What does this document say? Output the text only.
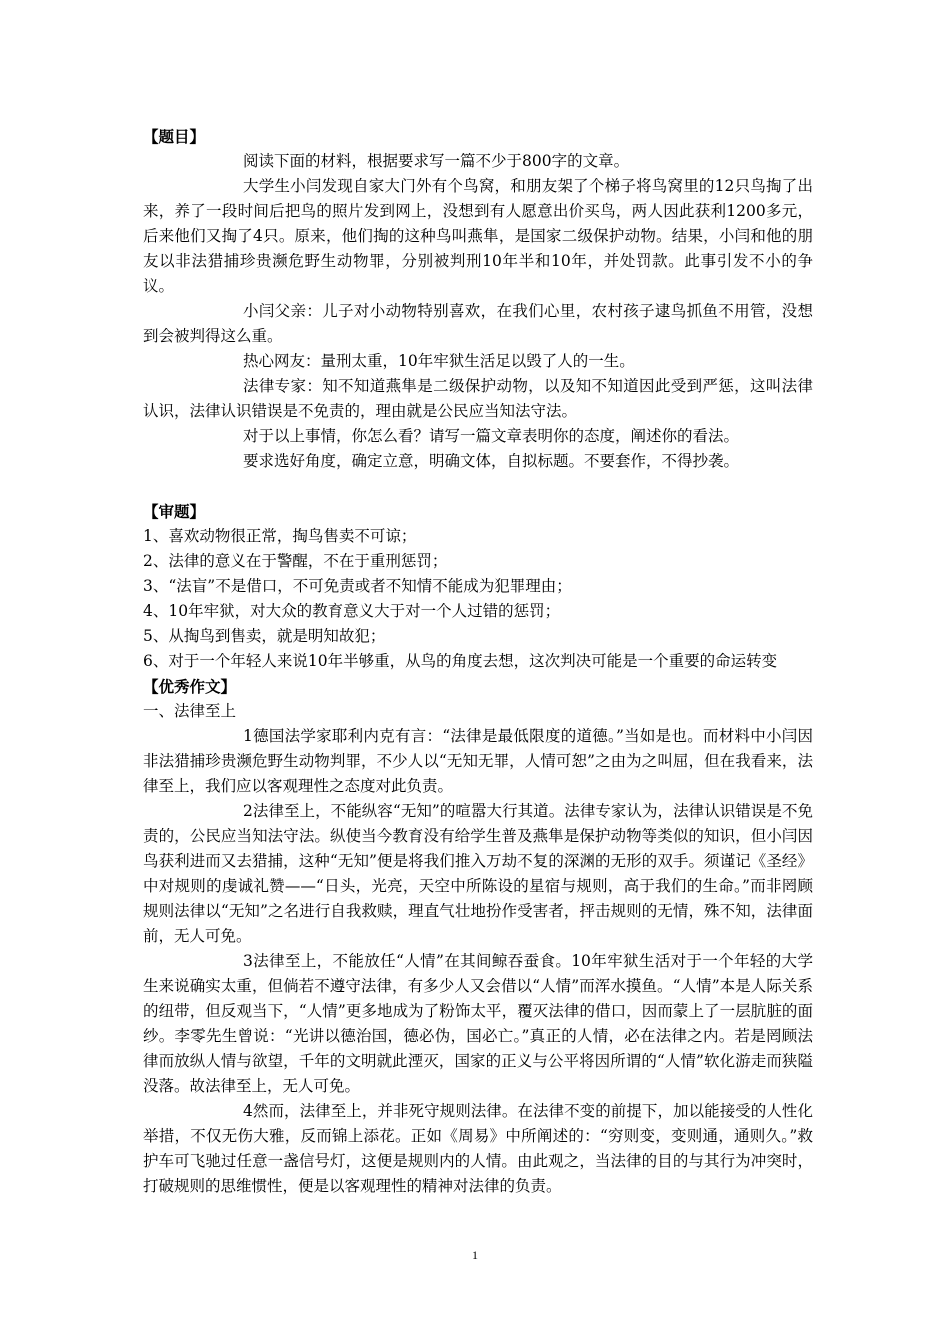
【题目】

阅读下面的材料，根据要求写一篇不少于800字的文章。

大学生小闫发现自家大门外有个鸟窝，和朋友架了个梯子将鸟窝里的12只鸟掏了出来，养了一段时间后把鸟的照片发到网上，没想到有人愿意出价买鸟，两人因此获利1200多元，后来他们又掏了4只。原来，他们掏的这种鸟叫燕隼，是国家二级保护动物。结果，小闫和他的朋友以非法猎捕珍贵濒危野生动物罪，分别被判刑10年半和10年，并处罚款。此事引发不小的争议。

小闫父亲：儿子对小动物特别喜欢，在我们心里，农村孩子逮鸟抓鱼不用管，没想到会被判得这么重。

热心网友：量刑太重，10年牢狱生活足以毁了人的一生。

法律专家：知不知道燕隼是二级保护动物，以及知不知道因此受到严惩，这叫法律认识，法律认识错误是不免责的，理由就是公民应当知法守法。

对于以上事情，你怎么看？请写一篇文章表明你的态度，阐述你的看法。

要求选好角度，确定立意，明确文体，自拟标题。不要套作，不得抄袭。

【审题】

1、喜欢动物很正常，掏鸟售卖不可谅；

2、法律的意义在于警醒，不在于重刑惩罚；

3、“法盲”不是借口，不可免责或者不知情不能成为犯罪理由；

4、10年牢狱，对大众的教育意义大于对一个人过错的惩罚；

5、从掏鸟到售卖，就是明知故犯；

6、对于一个年轻人来说10年半够重，从鸟的角度去想，这次判决可能是一个重要的命运转变

【优秀作文】

一、法律至上

1德国法学家耶利内克有言：“法律是最低限度的道德。”当如是也。而材料中小闫因非法猎捕珍贵濒危野生动物判罪，不少人以“无知无罪，人情可恕”之由为之叫屈，但在我看来，法律至上，我们应以客观理性之态度对此负责。

2法律至上，不能纵容“无知”的喧嚣大行其道。法律专家认为，法律认识错误是不免责的，公民应当知法守法。纵使当今教育没有给学生普及燕隼是保护动物等类似的知识，但小闫因鸟获利进而又去猎捕，这种“无知”便是将我们推入万劫不复的深渊的无形的双手。须谨记《圣经》中对规则的虔诚礼赞——“日头，光亮，天空中所陈设的星宿与规则，高于我们的生命。”而非罔顾规则法律以“无知”之名进行自我救赎，理直气壮地扮作受害者，抨击规则的无情，殊不知，法律面前，无人可免。

3法律至上，不能放任“人情”在其间鲸吞蚕食。10年牢狱生活对于一个年轻的大学生来说确实太重，但倘若不遵守法律，有多少人又会借以“人情”而浑水摸鱼。“人情”本是人际关系的纽带，但反观当下，“人情”更多地成为了粉饰太平，覆灭法律的借口，因而蒙上了一层肮脏的面纱。李零先生曾说：“光讲以德治国，德必伪，国必亡。”真正的人情，必在法律之内。若是罔顾法律而放纵人情与欲望，千年的文明就此湮灭，国家的正义与公平将因所谓的“人情”软化游走而狭隘没落。故法律至上，无人可免。

4然而，法律至上，并非死守规则法律。在法律不变的前提下，加以能接受的人性化举措，不仅无伤大雅，反而锦上添花。正如《周易》中所阐述的：“穷则变，变则通，通则久。”救护车可飞驰过任意一盏信号灯，这便是规则内的人情。由此观之，当法律的目的与其行为冲突时，打破规则的思维惯性，便是以客观理性的精神对法律的负责。

1
